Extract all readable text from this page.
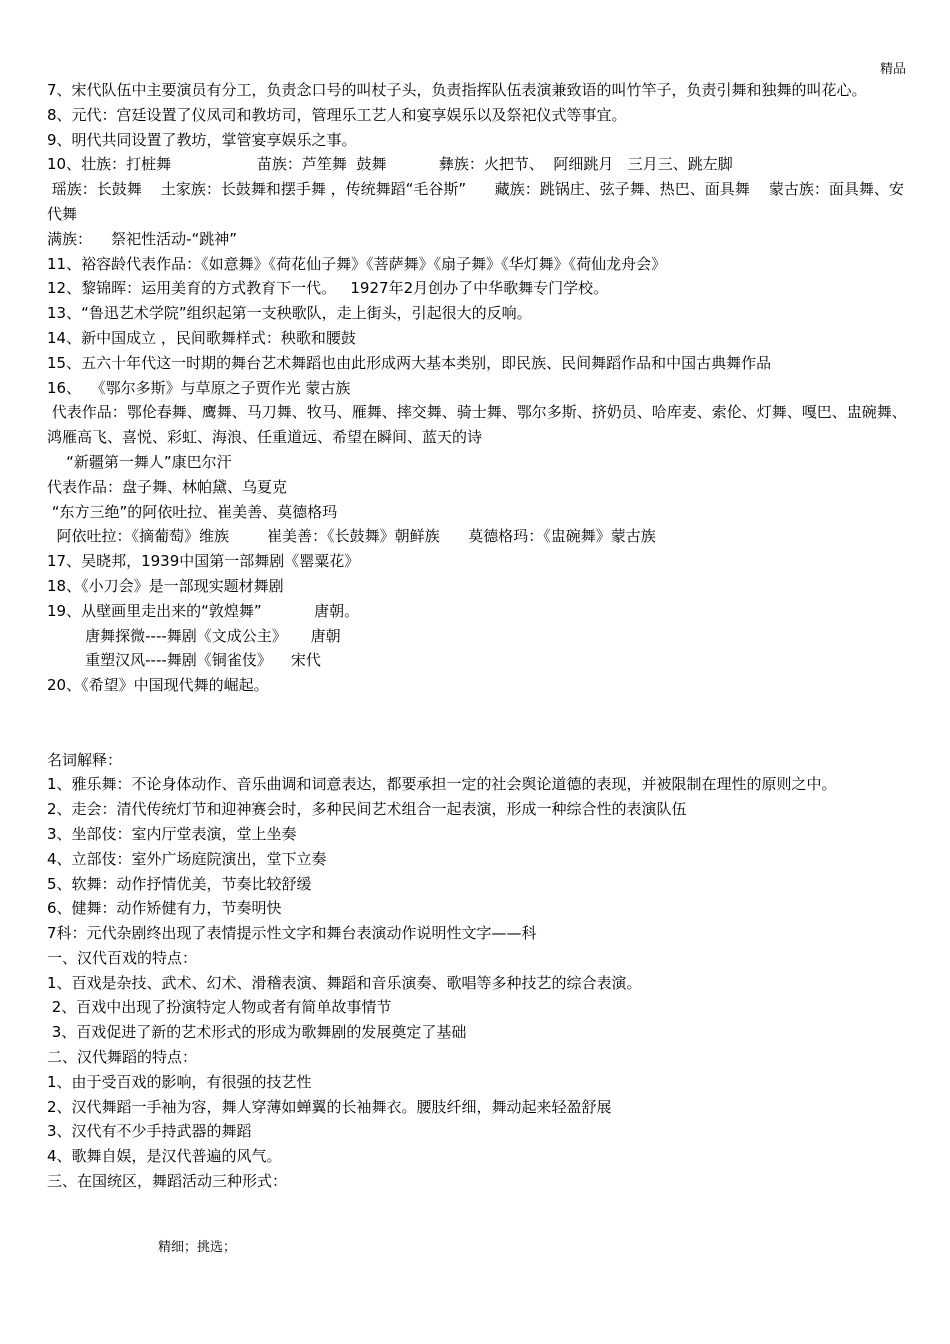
精品
7、宋代队伍中主要演员有分工，负责念口号的叫杖子头，负责指挥队伍表演兼致语的叫竹竿子，负责引舞和独舞的叫花心。
8、元代：宫廷设置了仪凤司和教坊司，管理乐工艺人和宴享娱乐以及祭祀仪式等事宜。
9、明代共同设置了教坊，掌管宴享娱乐之事。
10、壮族：打桩舞                  苗族：芦笙舞  鼓舞           彝族：火把节、  阿细跳月   三月三、跳左脚
瑶族：长鼓舞    土家族：长鼓舞和摆手舞 ，传统舞蹈“毛谷斯”      藏族：跳锅庄、弦子舞、热巴、面具舞    蒙古族：面具舞、安代舞
满族：    祭祀性活动-“跳神”
11、裕容龄代表作品：《如意舞》《荷花仙子舞》《菩萨舞》《扇子舞》《华灯舞》《荷仙龙舟会》
12、黎锦晖：运用美育的方式教育下一代。   1927年2月创办了中华歌舞专门学校。
13、“鲁迅艺术学院”组织起第一支秧歌队，走上街头，引起很大的反响。
14、新中国成立 ，民间歌舞样式：秧歌和腰鼓
15、五六十年代这一时期的舞台艺术舞蹈也由此形成两大基本类别，即民族、民间舞蹈作品和中国古典舞作品
16、  《鄂尔多斯》与草原之子贾作光 蒙古族
代表作品：鄂伦春舞、鹰舞、马刀舞、牧马、雁舞、摔交舞、骑士舞、鄂尔多斯、挤奶员、哈库麦、索伦、灯舞、嘎巴、盅碗舞、鸿雁高飞、喜悦、彩虹、海浪、任重道远、希望在瞬间、蓝天的诗
“新疆第一舞人”康巴尔汗
代表作品：盘子舞、林帕黛、乌夏克
“东方三绝”的阿依吐拉、崔美善、莫德格玛
阿依吐拉：《摘葡萄》维族        崔美善：《长鼓舞》朝鲜族      莫德格玛：《盅碗舞》蒙古族
17、吴晓邦，1939中国第一部舞剧《罂粟花》
18、《小刀会》是一部现实题材舞剧
19、从壁画里走出来的“敦煌舞”           唐朝。
唐舞探微----舞剧《文成公主》     唐朝
重塑汉风----舞剧《铜雀伎》    宋代
20、《希望》中国现代舞的崛起。
名词解释：
1、雅乐舞：不论身体动作、音乐曲调和词意表达，都要承担一定的社会舆论道德的表现，并被限制在理性的原则之中。
2、走会：清代传统灯节和迎神赛会时，多种民间艺术组合一起表演，形成一种综合性的表演队伍
3、坐部伎：室内厅堂表演，堂上坐奏
4、立部伎：室外广场庭院演出，堂下立奏
5、软舞：动作抒情优美，节奏比较舒缓
6、健舞：动作矫健有力，节奏明快
7科：元代杂剧终出现了表情提示性文字和舞台表演动作说明性文字——科
一、汉代百戏的特点：
1、百戏是杂技、武术、幻术、滑稽表演、舞蹈和音乐演奏、歌唱等多种技艺的综合表演。
2、百戏中出现了扮演特定人物或者有简单故事情节
3、百戏促进了新的艺术形式的形成为歌舞剧的发展奠定了基础
二、汉代舞蹈的特点：
1、由于受百戏的影响，有很强的技艺性
2、汉代舞蹈一手袖为容，舞人穿薄如蝉翼的长袖舞衣。腰肢纤细，舞动起来轻盈舒展
3、汉代有不少手持武器的舞蹈
4、歌舞自娱，是汉代普遍的风气。
三、在国统区，舞蹈活动三种形式：
精细；挑选；
